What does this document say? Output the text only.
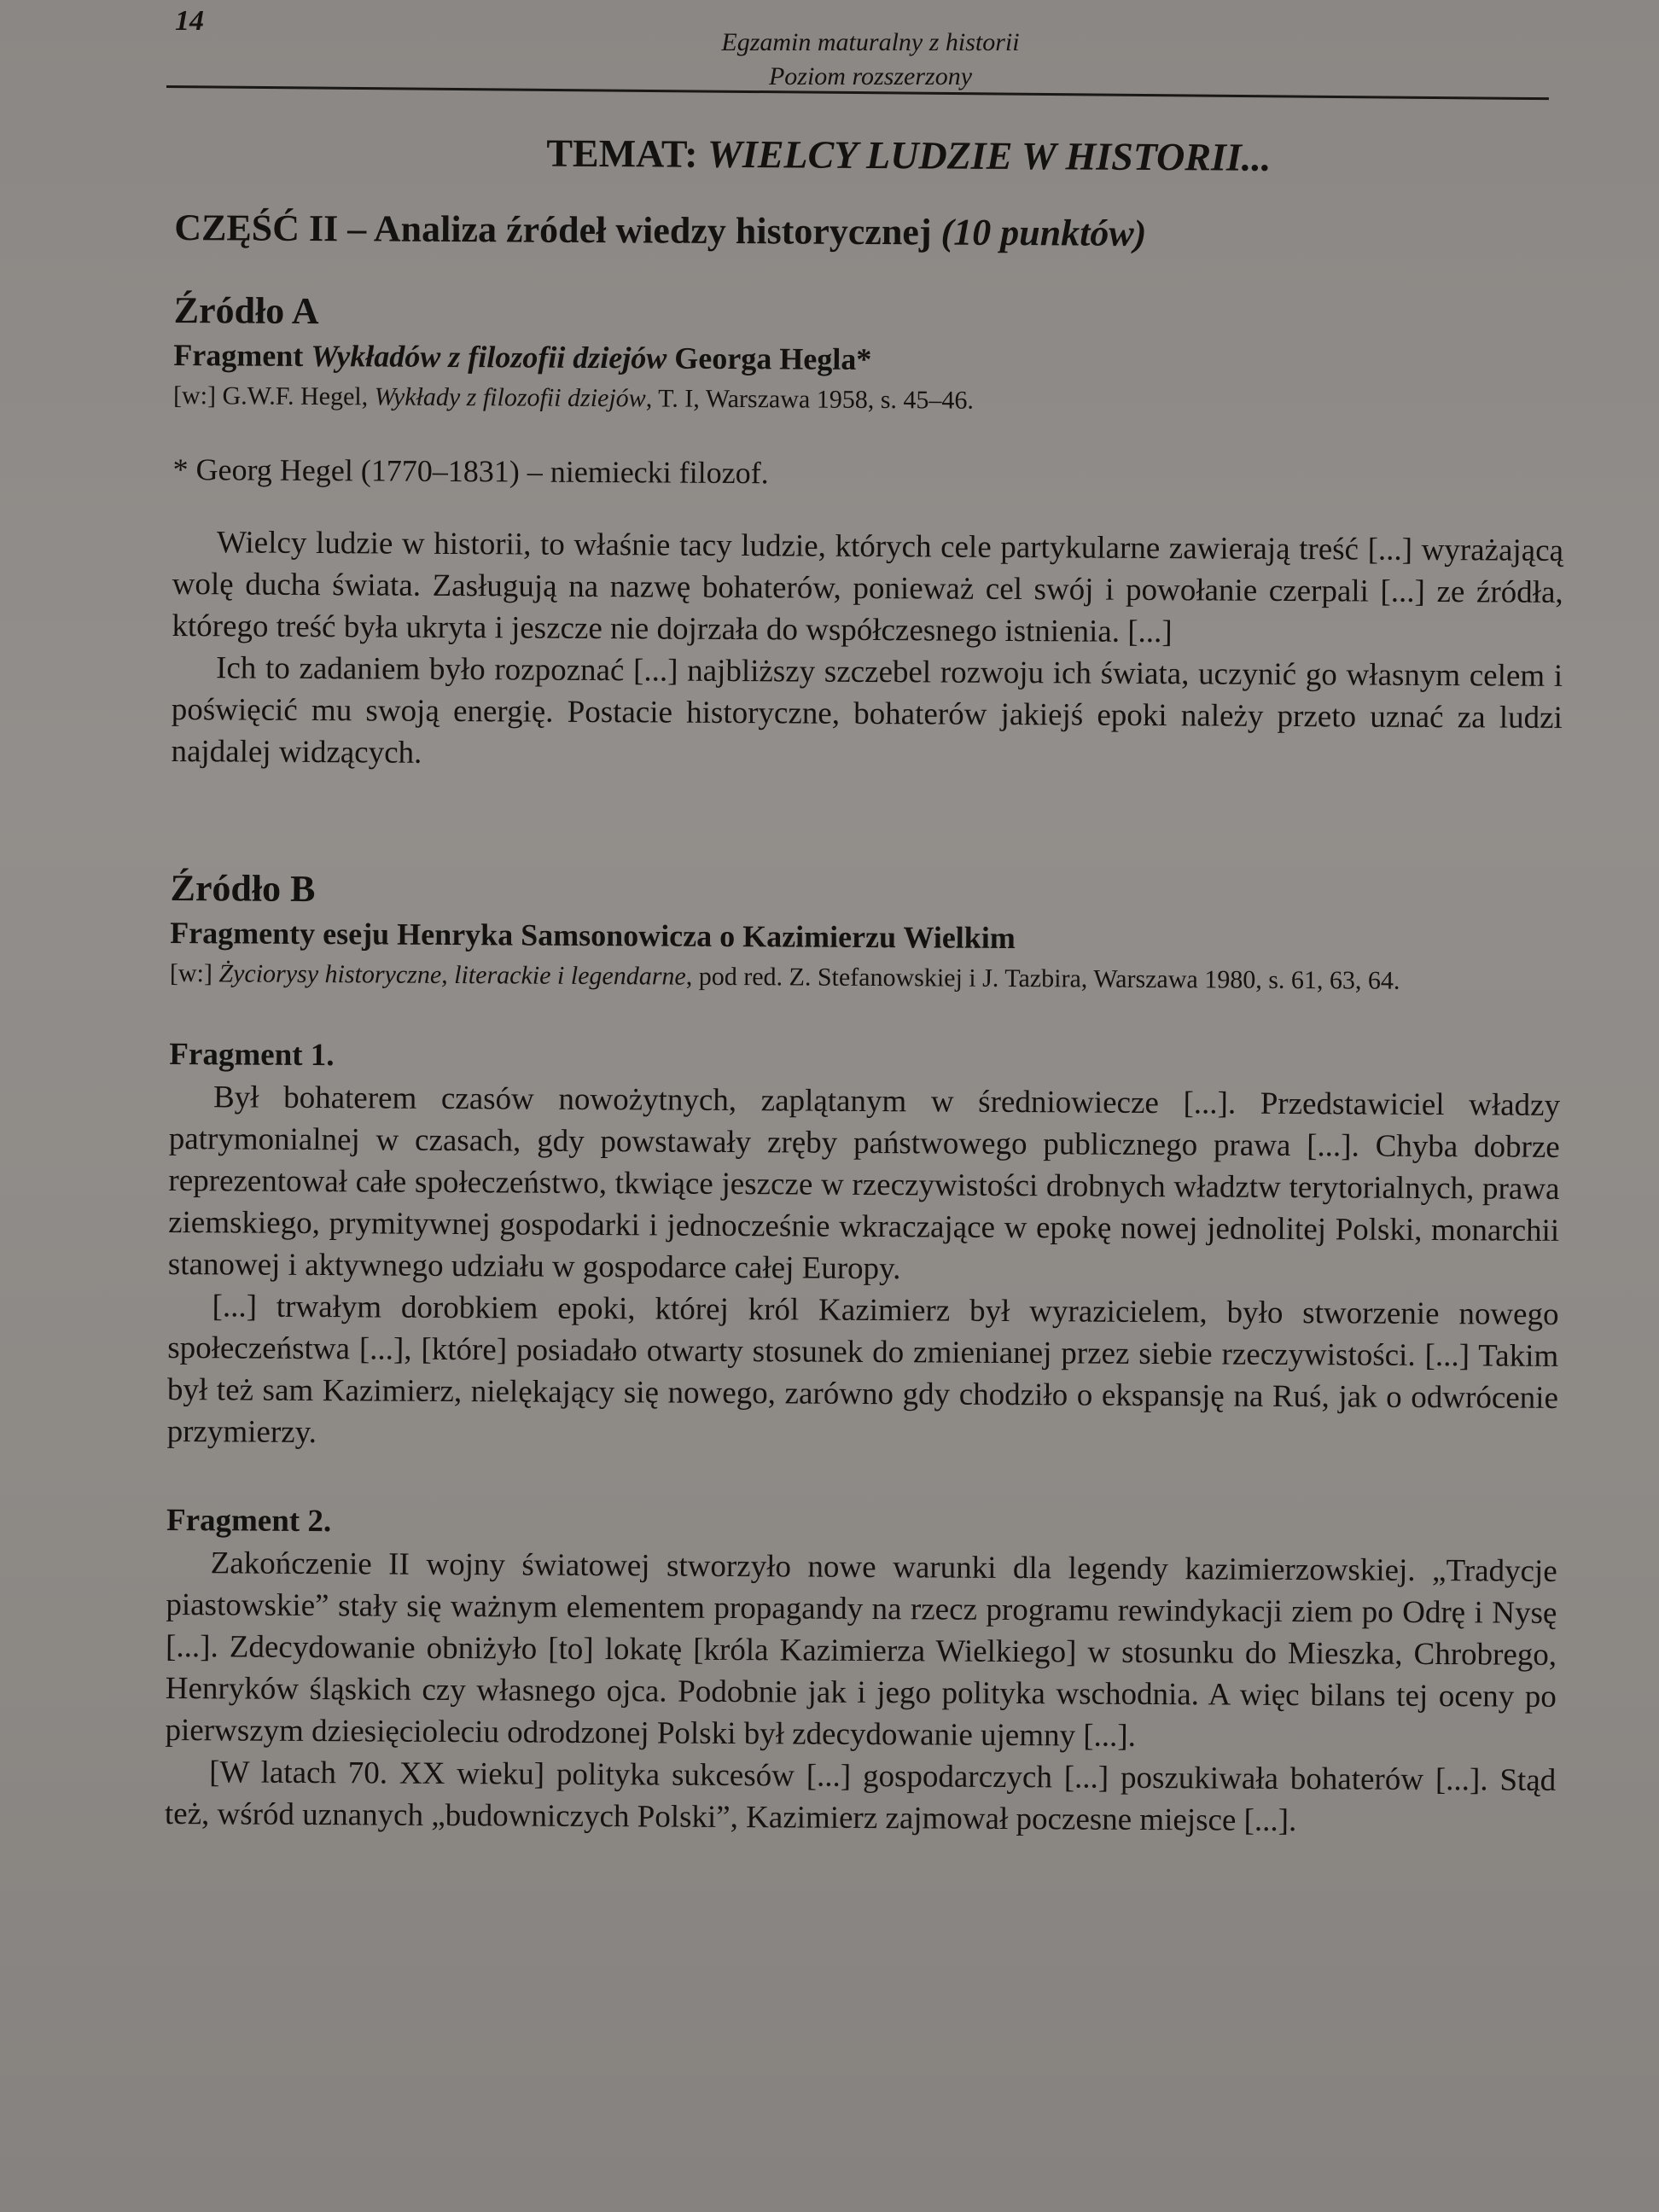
14
Egzamin maturalny z historii
Poziom rozszerzony
TEMAT: WIELCY LUDZIE W HISTORII...
CZĘŚĆ II – Analiza źródeł wiedzy historycznej (10 punktów)
Źródło A
Fragment Wykładów z filozofii dziejów Georga Hegla*

[w:] G.W.F. Hegel, Wykłady z filozofii dziejów, T. I, Warszawa 1958, s. 45–46.

* Georg Hegel (1770–1831) – niemiecki filozof.

Wielcy ludzie w historii, to właśnie tacy ludzie, których cele partykularne zawierają treść [...] wyrażającą wolę ducha świata. Zasługują na nazwę bohaterów, ponieważ cel swój i powołanie czerpali [...] ze źródła, którego treść była ukryta i jeszcze nie dojrzała do współczesnego istnienia. [...]

Ich to zadaniem było rozpoznać [...] najbliższy szczebel rozwoju ich świata, uczynić go własnym celem i poświęcić mu swoją energię. Postacie historyczne, bohaterów jakiejś epoki należy przeto uznać za ludzi najdalej widzących.

Źródło B
Fragmenty eseju Henryka Samsonowicza o Kazimierzu Wielkim

[w:] Życiorysy historyczne, literackie i legendarne, pod red. Z. Stefanowskiej i J. Tazbira, Warszawa 1980, s. 61, 63, 64.

Fragment 1.

Był bohaterem czasów nowożytnych, zaplątanym w średniowiecze [...]. Przedstawiciel władzy patrymonialnej w czasach, gdy powstawały zręby państwowego publicznego prawa [...]. Chyba dobrze reprezentował całe społeczeństwo, tkwiące jeszcze w rzeczywistości drobnych władztw terytorialnych, prawa ziemskiego, prymitywnej gospodarki i jednocześnie wkraczające w epokę nowej jednolitej Polski, monarchii stanowej i aktywnego udziału w gospodarce całej Europy.

[...] trwałym dorobkiem epoki, której król Kazimierz był wyrazicielem, było stworzenie nowego społeczeństwa [...], [które] posiadało otwarty stosunek do zmienianej przez siebie rzeczywistości. [...] Takim był też sam Kazimierz, nielękający się nowego, zarówno gdy chodziło o ekspansję na Ruś, jak o odwrócenie przymierzy.

Fragment 2.

Zakończenie II wojny światowej stworzyło nowe warunki dla legendy kazimierzowskiej. „Tradycje piastowskie” stały się ważnym elementem propagandy na rzecz programu rewindykacji ziem po Odrę i Nysę [...]. Zdecydowanie obniżyło [to] lokatę [króla Kazimierza Wielkiego] w stosunku do Mieszka, Chrobrego, Henryków śląskich czy własnego ojca. Podobnie jak i jego polityka wschodnia. A więc bilans tej oceny po pierwszym dziesięcioleciu odrodzonej Polski był zdecydowanie ujemny [...].

[W latach 70. XX wieku] polityka sukcesów [...] gospodarczych [...] poszukiwała bohaterów [...]. Stąd też, wśród uznanych „budowniczych Polski”, Kazimierz zajmował poczesne miejsce [...].
